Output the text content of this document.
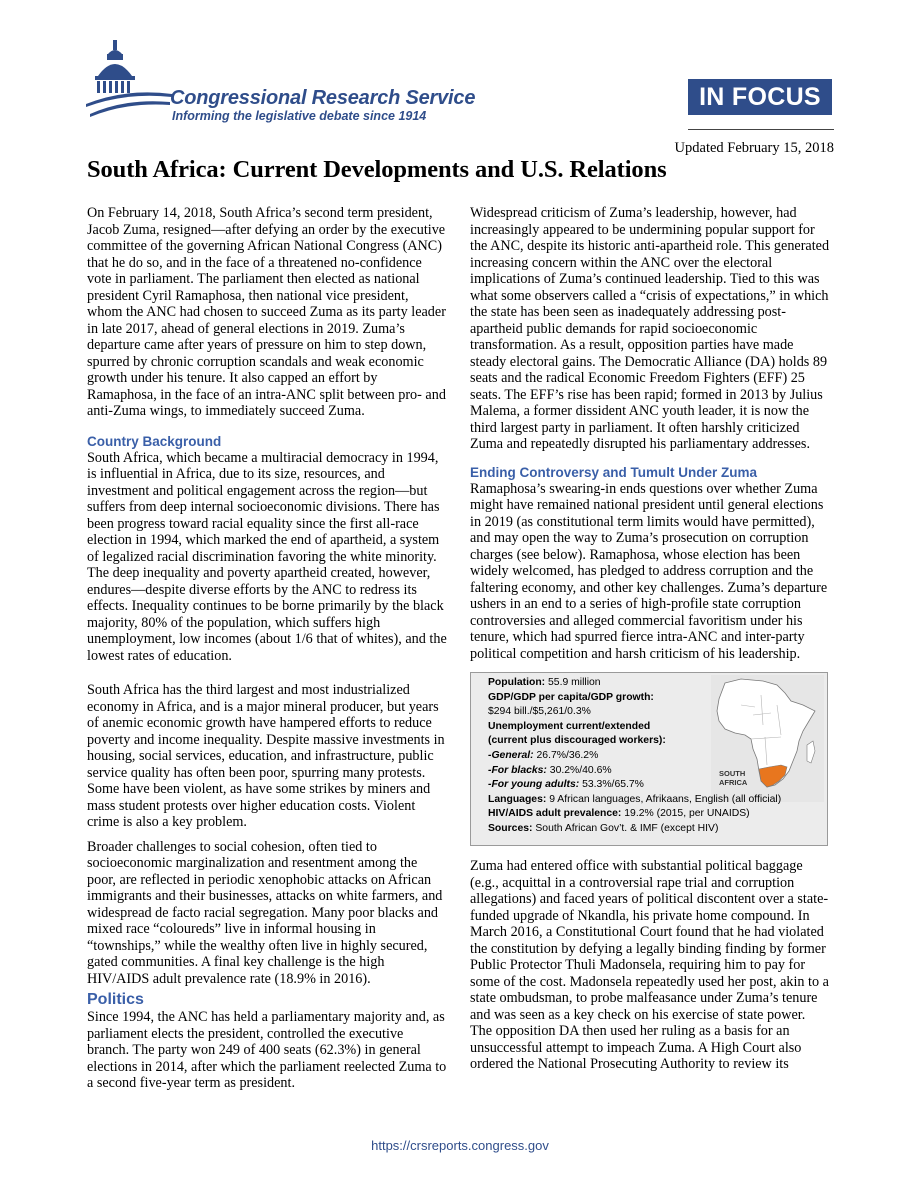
Congressional Research Service
Informing the legislative debate since 1914
IN FOCUS
Updated February 15, 2018
South Africa: Current Developments and U.S. Relations

On February 14, 2018, South Africa’s second term president, Jacob Zuma, resigned—after defying an order by the executive committee of the governing African National Congress (ANC) that he do so, and in the face of a threatened no-confidence vote in parliament. The parliament then elected as national president Cyril Ramaphosa, then national vice president, whom the ANC had chosen to succeed Zuma as its party leader in late 2017, ahead of general elections in 2019. Zuma’s departure came after years of pressure on him to step down, spurred by chronic corruption scandals and weak economic growth under his tenure. It also capped an effort by Ramaphosa, in the face of an intra-ANC split between pro- and anti-Zuma wings, to immediately succeed Zuma.

Country Background

South Africa, which became a multiracial democracy in 1994, is influential in Africa, due to its size, resources, and investment and political engagement across the region—but suffers from deep internal socioeconomic divisions. There has been progress toward racial equality since the first all-race election in 1994, which marked the end of apartheid, a system of legalized racial discrimination favoring the white minority. The deep inequality and poverty apartheid created, however, endures—despite diverse efforts by the ANC to redress its effects. Inequality continues to be borne primarily by the black majority, 80% of the population, which suffers high unemployment, low incomes (about 1/6 that of whites), and the lowest rates of education.

South Africa has the third largest and most industrialized economy in Africa, and is a major mineral producer, but years of anemic economic growth have hampered efforts to reduce poverty and income inequality. Despite massive investments in housing, social services, education, and infrastructure, public service quality has often been poor, spurring many protests. Some have been violent, as have some strikes by miners and mass student protests over higher education costs. Violent crime is also a key problem.

Broader challenges to social cohesion, often tied to socioeconomic marginalization and resentment among the poor, are reflected in periodic xenophobic attacks on African immigrants and their businesses, attacks on white farmers, and widespread de facto racial segregation. Many poor blacks and mixed race “coloureds” live in informal housing in “townships,” while the wealthy often live in highly secured, gated communities. A final key challenge is the high HIV/AIDS adult prevalence rate (18.9% in 2016).

Politics

Since 1994, the ANC has held a parliamentary majority and, as parliament elects the president, controlled the executive branch. The party won 249 of 400 seats (62.3%) in general elections in 2014, after which the parliament reelected Zuma to a second five-year term as president.

Widespread criticism of Zuma’s leadership, however, had increasingly appeared to be undermining popular support for the ANC, despite its historic anti-apartheid role. This generated increasing concern within the ANC over the electoral implications of Zuma’s continued leadership. Tied to this was what some observers called a “crisis of expectations,” in which the state has been seen as inadequately addressing post-apartheid public demands for rapid socioeconomic transformation. As a result, opposition parties have made steady electoral gains. The Democratic Alliance (DA) holds 89 seats and the radical Economic Freedom Fighters (EFF) 25 seats. The EFF’s rise has been rapid; formed in 2013 by Julius Malema, a former dissident ANC youth leader, it is now the third largest party in parliament. It often harshly criticized Zuma and repeatedly disrupted his parliamentary addresses.

Ending Controversy and Tumult Under Zuma

Ramaphosa’s swearing-in ends questions over whether Zuma might have remained national president until general elections in 2019 (as constitutional term limits would have permitted), and may open the way to Zuma’s prosecution on corruption charges (see below). Ramaphosa, whose election has been widely welcomed, has pledged to address corruption and the faltering economy, and other key challenges. Zuma’s departure ushers in an end to a series of high-profile state corruption controversies and alleged commercial favoritism under his tenure, which had spurred fierce intra-ANC and inter-party political competition and harsh criticism of his leadership.

SOUTH
AFRICA
Population: 55.9 million
GDP/GDP per capita/GDP growth:
$294 bill./$5,261/0.3%
Unemployment current/extended
(current plus discouraged workers):
-General: 26.7%/36.2%
-For blacks: 30.2%/40.6%
-For young adults: 53.3%/65.7%
Languages: 9 African languages, Afrikaans, English (all official)
HIV/AIDS adult prevalence: 19.2% (2015, per UNAIDS)
Sources: South African Gov’t. & IMF (except HIV)

Zuma had entered office with substantial political baggage (e.g., acquittal in a controversial rape trial and corruption allegations) and faced years of political discontent over a state-funded upgrade of Nkandla, his private home compound. In March 2016, a Constitutional Court found that he had violated the constitution by defying a legally binding finding by former Public Protector Thuli Madonsela, requiring him to pay for some of the cost. Madonsela repeatedly used her post, akin to a state ombudsman, to probe malfeasance under Zuma’s tenure and was seen as a key check on his exercise of state power. The opposition DA then used her ruling as a basis for an unsuccessful attempt to impeach Zuma. A High Court also ordered the National Prosecuting Authority to review its

https://crsreports.congress.gov
